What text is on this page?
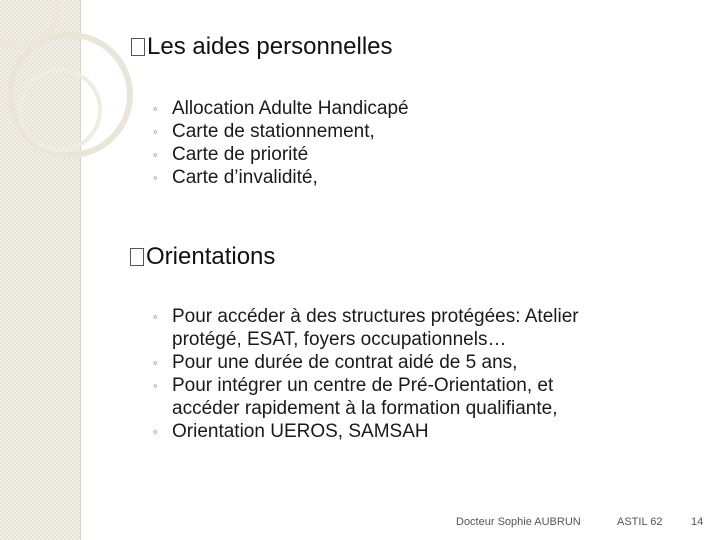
Les aides personnelles
◦ Allocation Adulte Handicapé
◦ Carte de stationnement,
◦ Carte de priorité
◦ Carte d’invalidité,
Orientations
◦ Pour accéder à des structures protégées: Atelier
protégé, ESAT, foyers occupationnels…
◦ Pour une durée de contrat aidé de 5 ans,
◦ Pour intégrer un centre de Pré-Orientation, et
accéder rapidement à la formation qualifiante,
◦ Orientation UEROS, SAMSAH
Docteur Sophie AUBRUN	ASTIL 62	14
